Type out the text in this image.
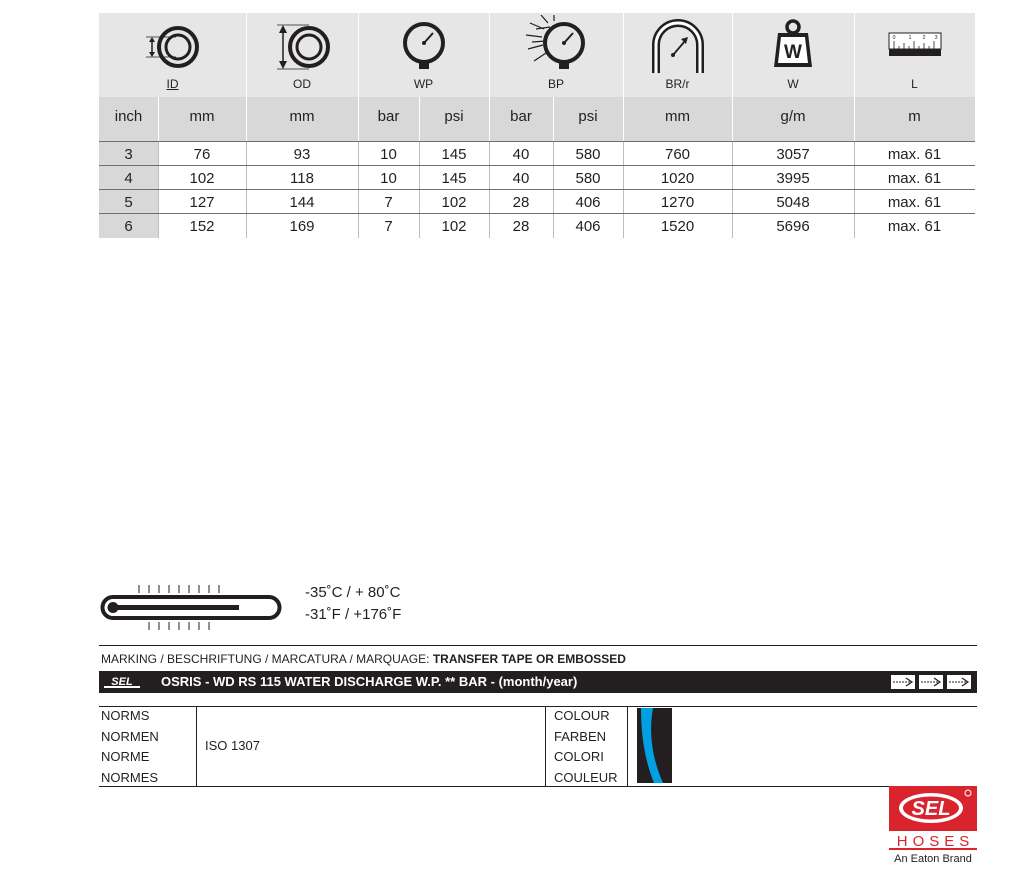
ID	OD	WP	BP	BR/r
W
W
0 1 2 3
L
inch	mm	mm	bar	psi	bar	psi	mm	g/m	m
3	76	93	10	145	40	580	760	3057	max. 61
4	102	118	10	145	40	580	1020	3995	max. 61
5	127	144	7	102	28	406	1270	5048	max. 61
6	152	169	7	102	28	406	1520	5696	max. 61
-35˚C / + 80˚C
-31˚F / +176˚F
MARKING / BESCHRIFTUNG / MARCATURA / MARQUAGE: TRANSFER TAPE OR EMBOSSED
SEL OSRIS - WD RS 115 WATER DISCHARGE W.P. ** BAR - (month/year)
NORMS
NORMEN
NORME
NORMES
ISO 1307
COLOUR
FARBEN
COLORI
COULEUR
SEL
HOSES
An Eaton Brand
